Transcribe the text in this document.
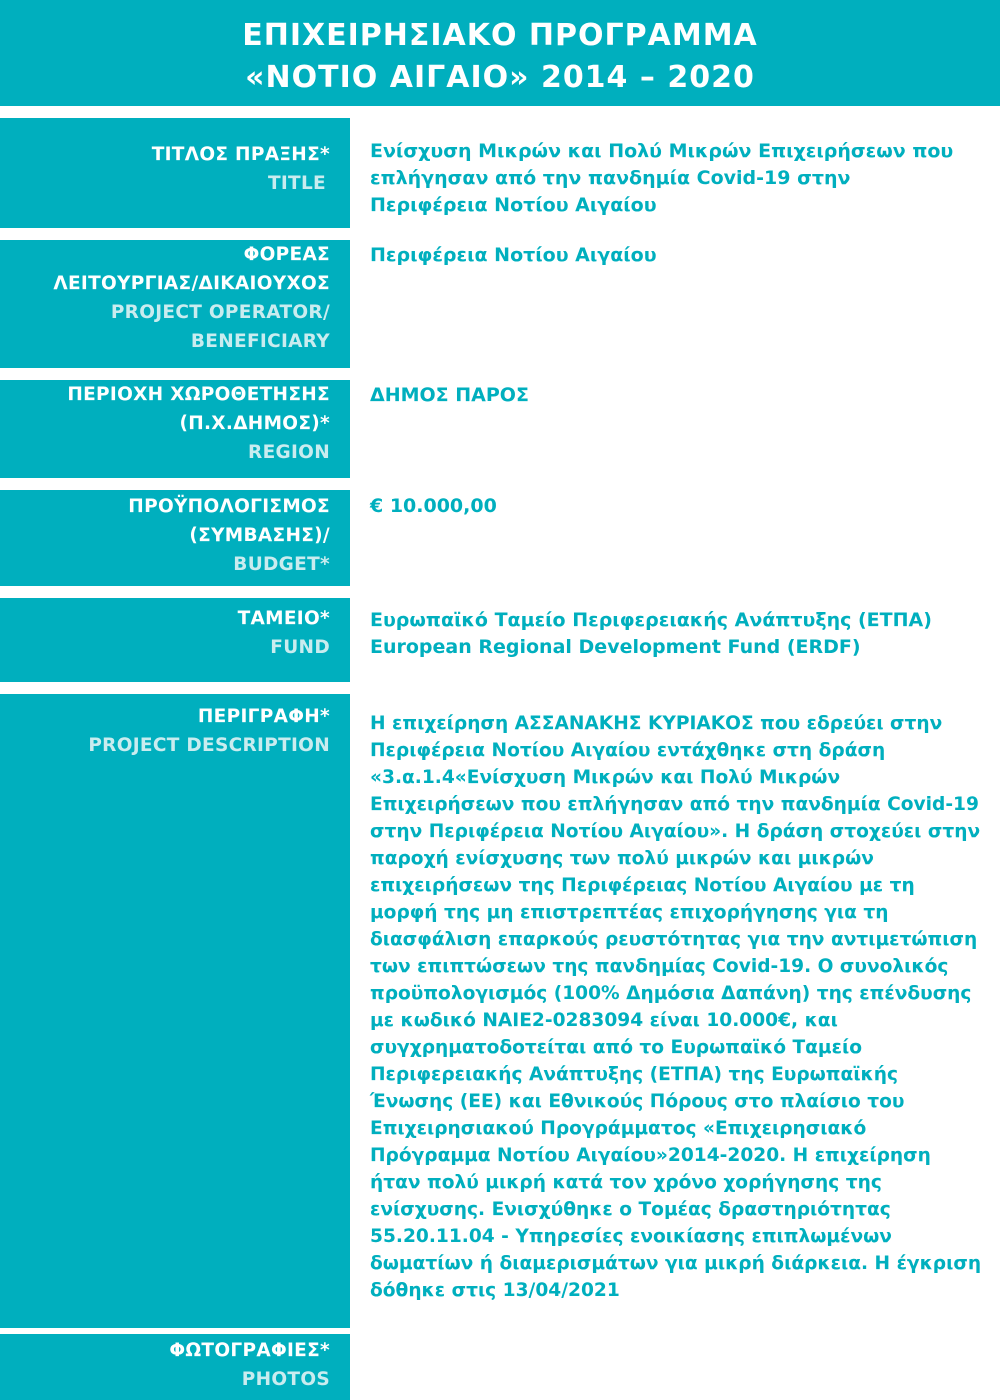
ΕΠΙΧΕΙΡΗΣΙΑΚΟ ΠΡΟΓΡΑΜΜΑ
«ΝΟΤΙΟ ΑΙΓΑΙΟ» 2014 – 2020
ΤΙΤΛΟΣ ΠΡΑΞΗΣ*
TITLE
Ενίσχυση Μικρών και Πολύ Μικρών Επιχειρήσεων που επλήγησαν από την πανδημία Covid-19 στην Περιφέρεια Νοτίου Αιγαίου
ΦΟΡΕΑΣ
ΛΕΙΤΟΥΡΓΙΑΣ/ΔΙΚΑΙΟΥΧΟΣ
PROJECT OPERATOR/
BENEFICIARY
Περιφέρεια Νοτίου Αιγαίου
ΠΕΡΙΟΧΗ ΧΩΡΟΘΕΤΗΣΗΣ
(Π.Χ.ΔΗΜΟΣ)*
REGION
ΔΗΜΟΣ ΠΑΡΟΣ
ΠΡΟΫΠΟΛΟΓΙΣΜΟΣ
(ΣΥΜΒΑΣΗΣ)/
BUDGET*
€ 10.000,00
ΤΑΜΕΙΟ*
FUND
Ευρωπαϊκό Ταμείο Περιφερειακής Ανάπτυξης (ΕΤΠΑ)
European Regional Development Fund (ERDF)
ΠΕΡΙΓΡΑΦΗ*
PROJECT DESCRIPTION
Η επιχείρηση ΑΣΣΑΝΑΚΗΣ ΚΥΡΙΑΚΟΣ που εδρεύει στην Περιφέρεια Νοτίου Αιγαίου εντάχθηκε στη δράση «3.α.1.4«Ενίσχυση Μικρών και Πολύ Μικρών Επιχειρήσεων που επλήγησαν από την πανδημία Covid-19 στην Περιφέρεια Νοτίου Αιγαίου». Η δράση στοχεύει στην παροχή ενίσχυσης των πολύ μικρών και μικρών επιχειρήσεων της Περιφέρειας Νοτίου Αιγαίου με τη μορφή της μη επιστρεπτέας επιχορήγησης για τη διασφάλιση επαρκούς ρευστότητας για την αντιμετώπιση των επιπτώσεων της πανδημίας Covid-19. Ο συνολικός προϋπολογισμός (100% Δημόσια Δαπάνη) της επένδυσης με κωδικό ΝΑΙΕ2-0283094 είναι 10.000€, και συγχρηματοδοτείται από το Ευρωπαϊκό Ταμείο Περιφερειακής Ανάπτυξης (ΕΤΠΑ) της Ευρωπαϊκής Ένωσης (ΕΕ) και Εθνικούς Πόρους στο πλαίσιο του Επιχειρησιακού Προγράμματος «Επιχειρησιακό Πρόγραμμα Νοτίου Αιγαίου»2014-2020. Η επιχείρηση ήταν πολύ μικρή κατά τον χρόνο χορήγησης της ενίσχυσης. Ενισχύθηκε ο Τομέας δραστηριότητας 55.20.11.04 - Υπηρεσίες ενοικίασης επιπλωμένων δωματίων ή διαμερισμάτων για μικρή διάρκεια. Η έγκριση δόθηκε στις 13/04/2021
ΦΩΤΟΓΡΑΦΙΕΣ*
PHOTOS
